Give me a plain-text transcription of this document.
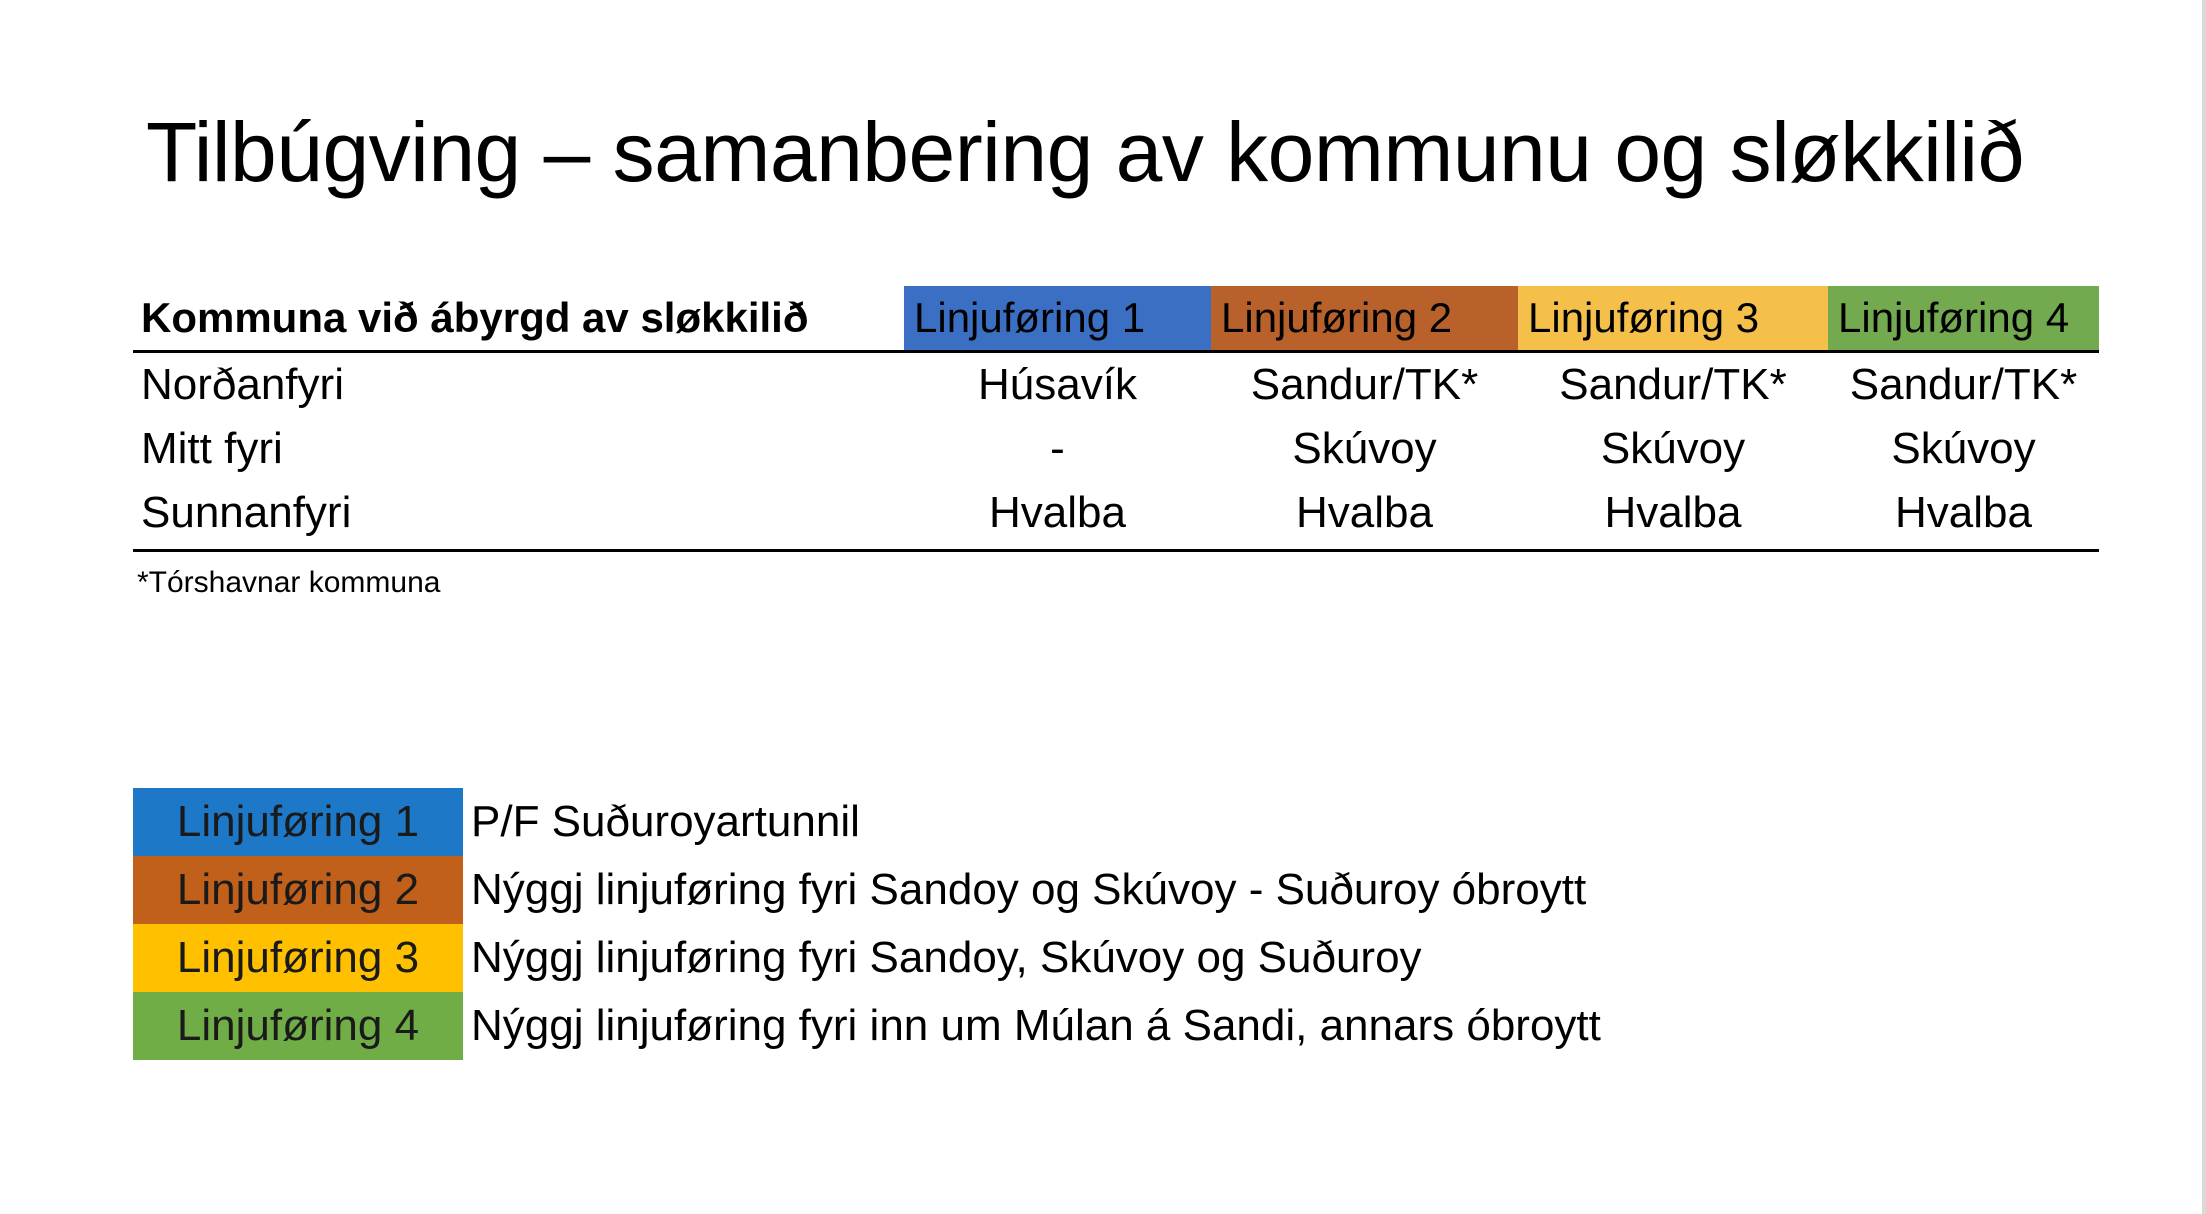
Tilbúgving – samanbering av kommunu og sløkkilið
Kommuna við ábyrgd av sløkkilið	Linjuføring 1	Linjuføring 2	Linjuføring 3	Linjuføring 4
Norðanfyri	Húsavík	Sandur/TK*	Sandur/TK*	Sandur/TK*
Mitt fyri	-	Skúvoy	Skúvoy	Skúvoy
Sunnanfyri	Hvalba	Hvalba	Hvalba	Hvalba
*Tórshavnar kommuna
Linjuføring 1	P/F Suðuroyartunnil
Linjuføring 2	Nýggj linjuføring fyri Sandoy og Skúvoy - Suðuroy óbroytt
Linjuføring 3	Nýggj linjuføring fyri Sandoy, Skúvoy og Suðuroy
Linjuføring 4	Nýggj linjuføring fyri inn um Múlan á Sandi, annars óbroytt
